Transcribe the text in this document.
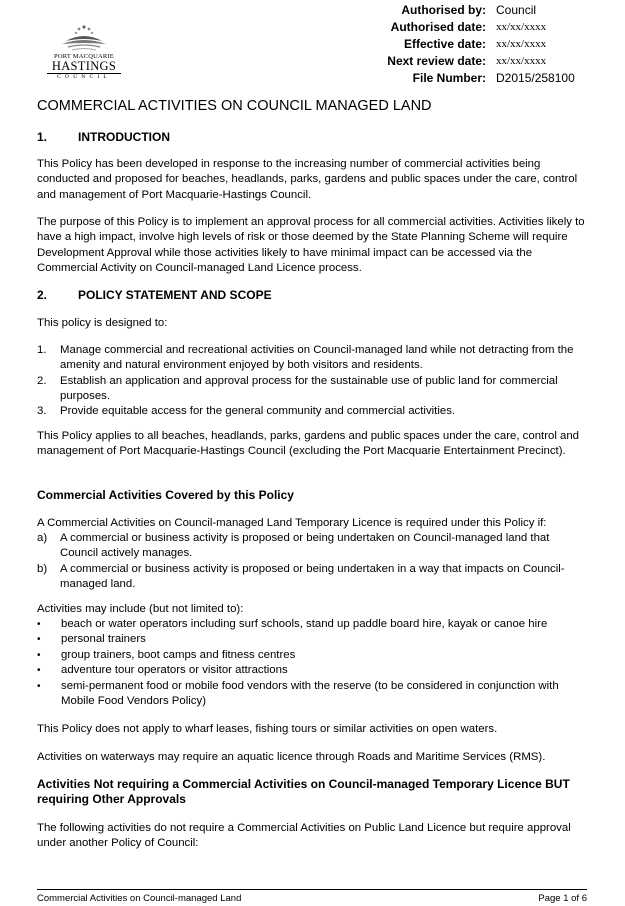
PORT MACQUARIE
HASTINGS
COUNCIL
Authorised by: Council
Authorised date: xx/xx/xxxx
Effective date: xx/xx/xxxx
Next review date: xx/xx/xxxx
File Number: D2015/258100
COMMERCIAL ACTIVITIES ON COUNCIL MANAGED LAND
1.	INTRODUCTION
This Policy has been developed in response to the increasing number of commercial activities being conducted and proposed for beaches, headlands, parks, gardens and public spaces under the care, control and management of Port Macquarie-Hastings Council.
The purpose of this Policy is to implement an approval process for all commercial activities. Activities likely to have a high impact, involve high levels of risk or those deemed by the State Planning Scheme will require Development Approval while those activities likely to have minimal impact can be accessed via the Commercial Activity on Council-managed Land Licence process.
2.	POLICY STATEMENT AND SCOPE
This policy is designed to:
1.	Manage commercial and recreational activities on Council-managed land while not detracting from the amenity and natural environment enjoyed by both visitors and residents.
2.	Establish an application and approval process for the sustainable use of public land for commercial purposes.
3.	Provide equitable access for the general community and commercial activities.
This Policy applies to all beaches, headlands, parks, gardens and public spaces under the care, control and management of Port Macquarie-Hastings Council (excluding the Port Macquarie Entertainment Precinct).
Commercial Activities Covered by this Policy
A Commercial Activities on Council-managed Land Temporary Licence is required under this Policy if:
a)	A commercial or business activity is proposed or being undertaken on Council-managed land that Council actively manages.
b)	A commercial or business activity is proposed or being undertaken in a way that impacts on Council-managed land.
Activities may include (but not limited to):
•	beach or water operators including surf schools, stand up paddle board hire, kayak or canoe hire
•	personal trainers
•	group trainers, boot camps and fitness centres
•	adventure tour operators or visitor attractions
•	semi-permanent food or mobile food vendors with the reserve (to be considered in conjunction with Mobile Food Vendors Policy)
This Policy does not apply to wharf leases, fishing tours or similar activities on open waters.
Activities on waterways may require an aquatic licence through Roads and Maritime Services (RMS).
Activities Not requiring a Commercial Activities on Council-managed Temporary Licence BUT requiring Other Approvals
The following activities do not require a Commercial Activities on Public Land Licence but require approval under another Policy of Council:
Commercial Activities on Council-managed Land	Page 1 of 6
